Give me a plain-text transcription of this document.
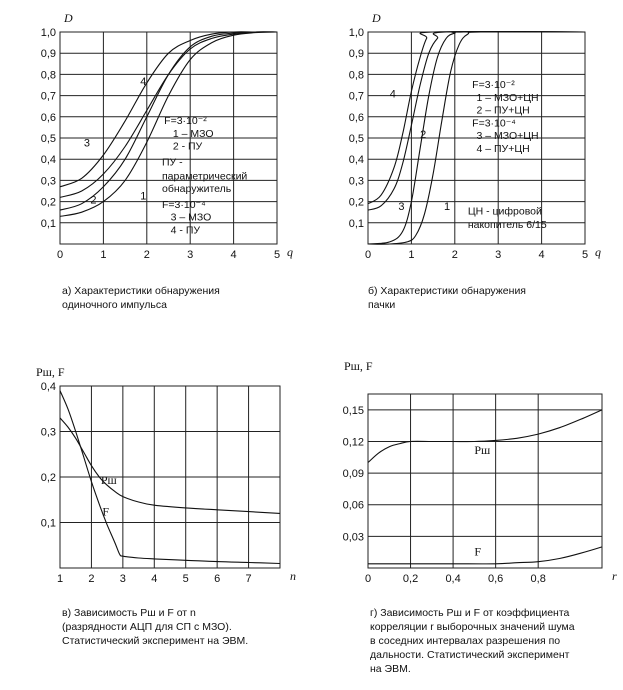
0,1
0,2
0,3
0,4
0,5
0,6
0,7
0,8
0,9
1,0
0	1	2	3	4	5
D
q
1
2
3
4
F=3·10⁻²
1 – МЗО
2 - ПУ
ПУ -
параметрический
обнаружитель
F=3·10⁻⁴
3 – МЗО
4 - ПУ
0,1
0,2
0,3
0,4
0,5
0,6
0,7
0,8
0,9
1,0
0	1	2	3	4	5
D
q
1
2
3
4
F=3·10⁻²
1 – МЗО+ЦН
2 – ПУ+ЦН
F=3·10⁻⁴
3 – МЗО+ЦН
4 – ПУ+ЦН
ЦН - цифровой
накопитель 6/15
0,1
0,2
0,3
0,4
1 2 3 4 5 6 7
Pш, F
n
Pш
F
0,03
0,06
0,09
0,12
0,15
0	0,2 0,4 0,6 0,8
Pш, F
r
Pш
F
а) Характеристики обнаружения
одиночного импульса
б) Характеристики обнаружения
пачки
в) Зависимость Pш и F от n
(разрядности АЦП для СП с МЗО).
Статистический эксперимент на ЭВМ.
г) Зависимость Pш и F от коэффициента
корреляции r выборочных значений шума
в соседних интервалах разрешения по
дальности. Статистический эксперимент
на ЭВМ.
